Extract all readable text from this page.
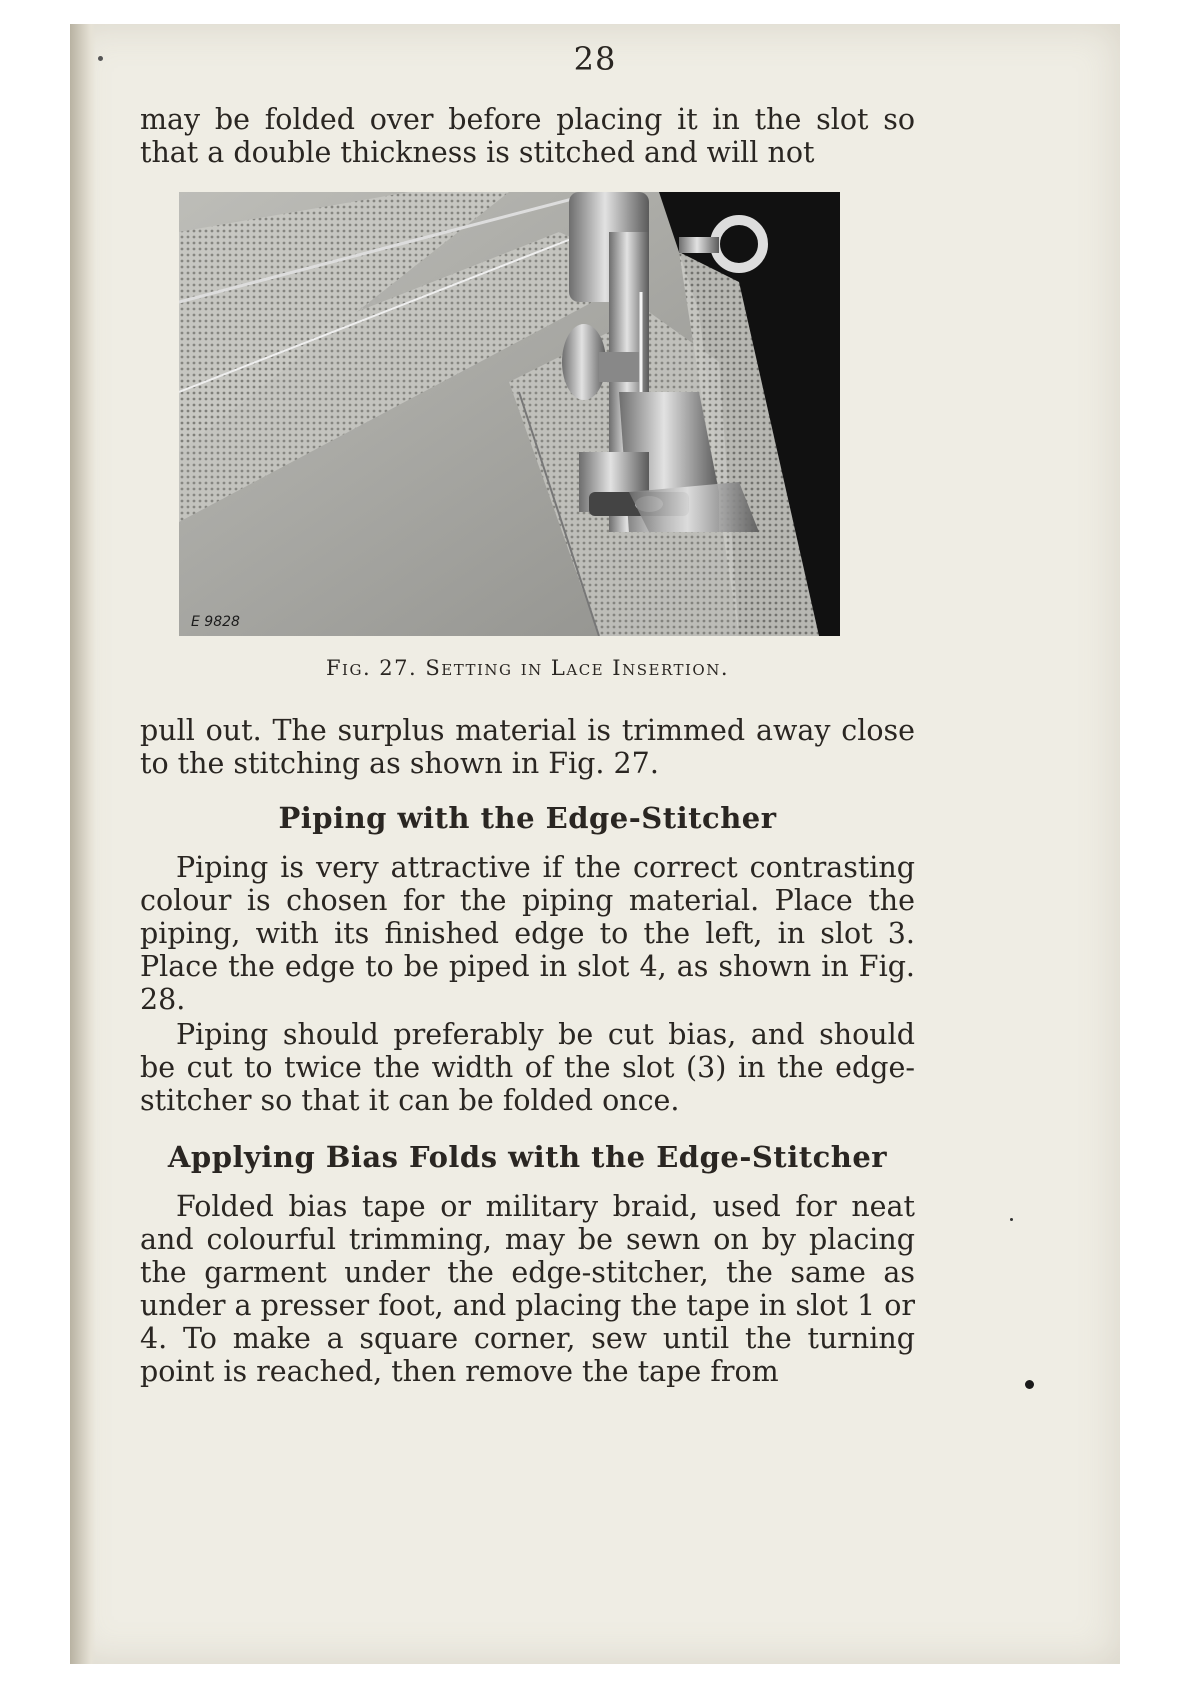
28

may be folded over before placing it in the slot so that a double thickness is stitched and will not

E 9828
Fig. 27. Setting in Lace Insertion.

pull out. The surplus material is trimmed away close to the stitching as shown in Fig. 27.

Piping with the Edge-Stitcher

Piping is very attractive if the correct contrasting colour is chosen for the piping material. Place the piping, with its finished edge to the left, in slot 3. Place the edge to be piped in slot 4, as shown in Fig. 28.

Piping should preferably be cut bias, and should be cut to twice the width of the slot (3) in the edge-stitcher so that it can be folded once.

Applying Bias Folds with the Edge-Stitcher

Folded bias tape or military braid, used for neat and colourful trimming, may be sewn on by placing the garment under the edge-stitcher, the same as under a presser foot, and placing the tape in slot 1 or 4. To make a square corner, sew until the turning point is reached, then remove the tape from
